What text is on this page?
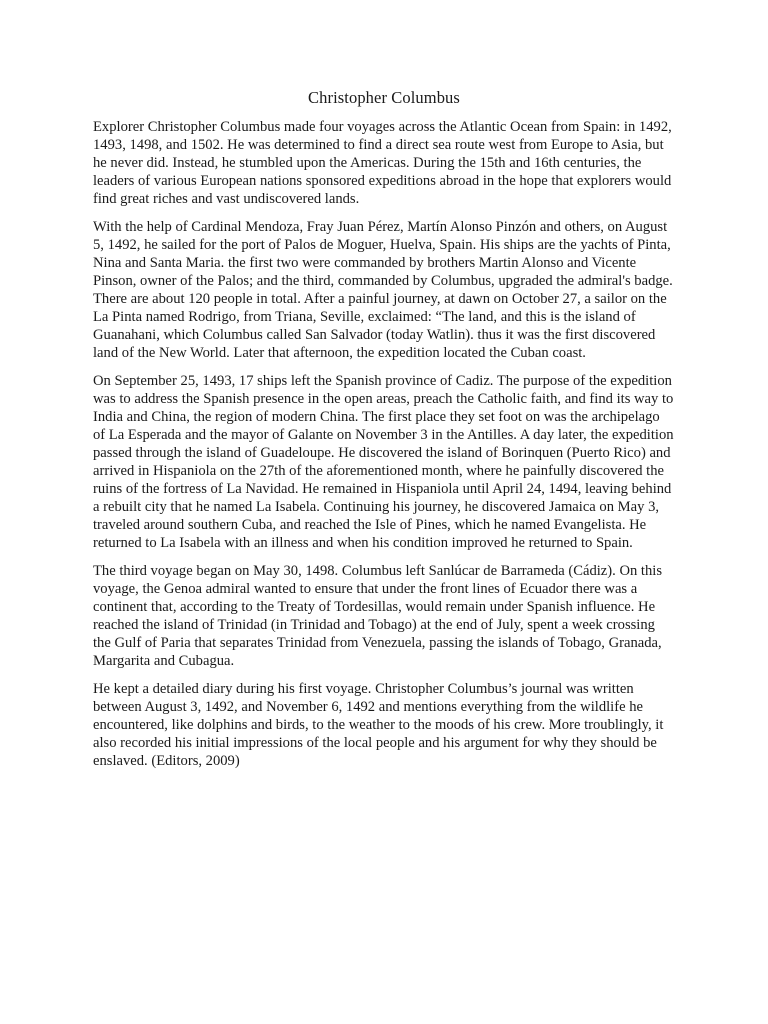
Christopher Columbus

Explorer Christopher Columbus made four voyages across the Atlantic Ocean from Spain: in 1492, 1493, 1498, and 1502. He was determined to find a direct sea route west from Europe to Asia, but he never did. Instead, he stumbled upon the Americas. During the 15th and 16th centuries, the leaders of various European nations sponsored expeditions abroad in the hope that explorers would find great riches and vast undiscovered lands.

With the help of Cardinal Mendoza, Fray Juan Pérez, Martín Alonso Pinzón and others, on August 5, 1492, he sailed for the port of Palos de Moguer, Huelva, Spain. His ships are the yachts of Pinta, Nina and Santa Maria. the first two were commanded by brothers Martin Alonso and Vicente Pinson, owner of the Palos; and the third, commanded by Columbus, upgraded the admiral's badge. There are about 120 people in total. After a painful journey, at dawn on October 27, a sailor on the La Pinta named Rodrigo, from Triana, Seville, exclaimed: “The land, and this is the island of Guanahani, which Columbus called San Salvador (today Watlin). thus it was the first discovered land of the New World. Later that afternoon, the expedition located the Cuban coast.

On September 25, 1493, 17 ships left the Spanish province of Cadiz. The purpose of the expedition was to address the Spanish presence in the open areas, preach the Catholic faith, and find its way to India and China, the region of modern China. The first place they set foot on was the archipelago of La Esperada and the mayor of Galante on November 3 in the Antilles. A day later, the expedition passed through the island of Guadeloupe. He discovered the island of Borinquen (Puerto Rico) and arrived in Hispaniola on the 27th of the aforementioned month, where he painfully discovered the ruins of the fortress of La Navidad. He remained in Hispaniola until April 24, 1494, leaving behind a rebuilt city that he named La Isabela. Continuing his journey, he discovered Jamaica on May 3, traveled around southern Cuba, and reached the Isle of Pines, which he named Evangelista. He returned to La Isabela with an illness and when his condition improved he returned to Spain.

The third voyage began on May 30, 1498. Columbus left Sanlúcar de Barrameda (Cádiz). On this voyage, the Genoa admiral wanted to ensure that under the front lines of Ecuador there was a continent that, according to the Treaty of Tordesillas, would remain under Spanish influence. He reached the island of Trinidad (in Trinidad and Tobago) at the end of July, spent a week crossing the Gulf of Paria that separates Trinidad from Venezuela, passing the islands of Tobago, Granada, Margarita and Cubagua.

He kept a detailed diary during his first voyage. Christopher Columbus’s journal was written between August 3, 1492, and November 6, 1492 and mentions everything from the wildlife he encountered, like dolphins and birds, to the weather to the moods of his crew. More troublingly, it also recorded his initial impressions of the local people and his argument for why they should be enslaved. (Editors, 2009)
